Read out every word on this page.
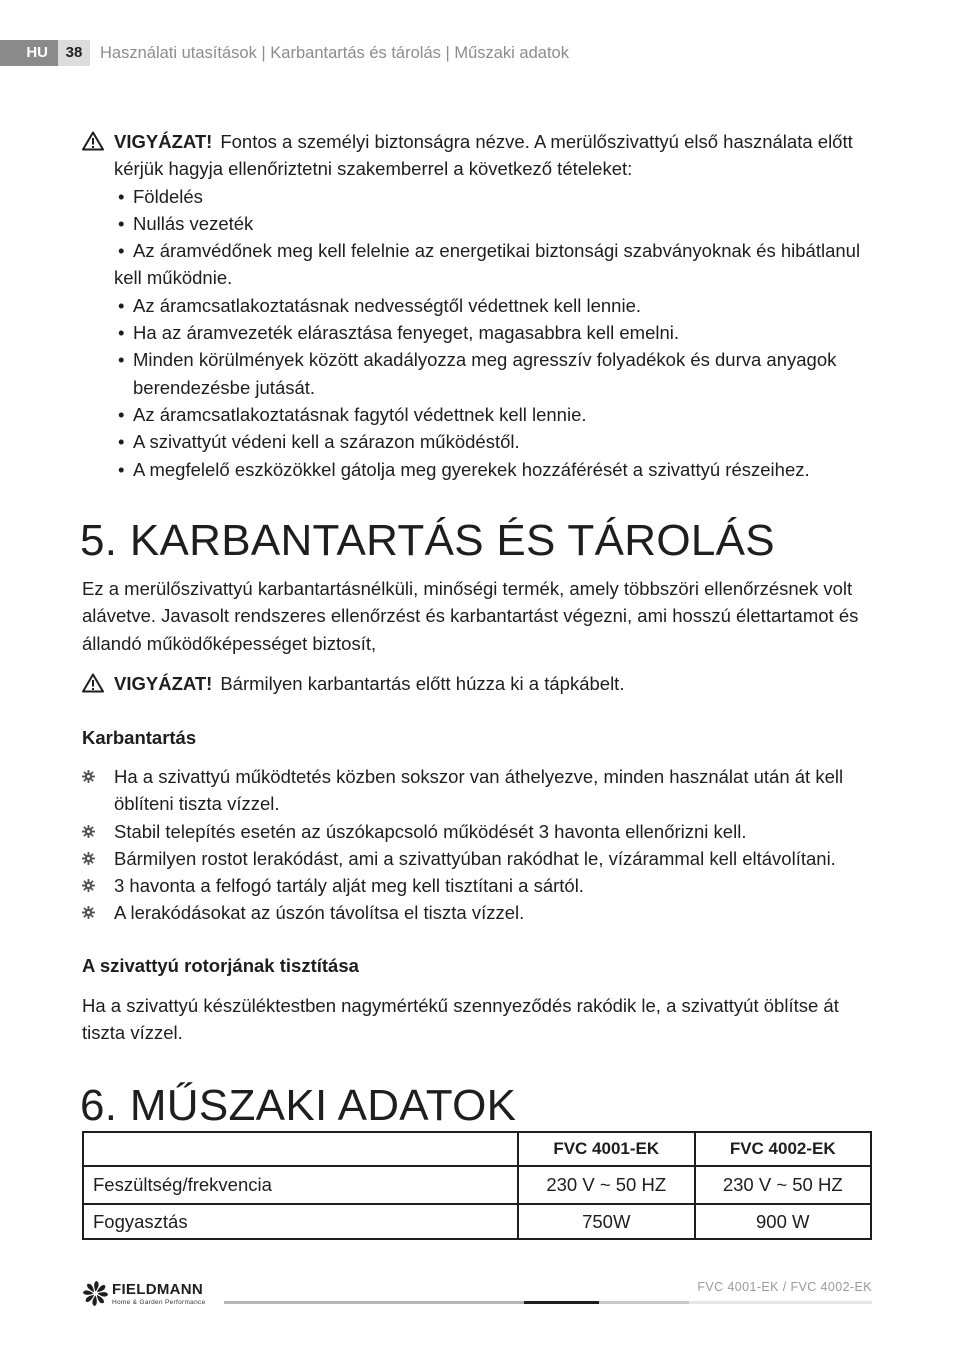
HU	38	Használati utasítások | Karbantartás és tárolás | Műszaki adatok
VIGYÁZAT! Fontos a személyi biztonságra nézve. A merülőszivattyú első használata előtt
kérjük hagyja ellenőriztetni szakemberrel a következő tételeket:
• Földelés
• Nullás vezeték
• Az áramvédőnek meg kell felelnie az energetikai biztonsági szabványoknak és hibátlanul kell működnie.
• Az áramcsatlakoztatásnak nedvességtől védettnek kell lennie.
• Ha az áramvezeték elárasztása fenyeget, magasabbra kell emelni.
• Minden körülmények között akadályozza meg agresszív folyadékok és durva anyagok berendezésbe jutását.
• Az áramcsatlakoztatásnak fagytól védettnek kell lennie.
• A szivattyút védeni kell a szárazon működéstől.
• A megfelelő eszközökkel gátolja meg gyerekek hozzáférését a szivattyú részeihez.
5. KARBANTARTÁS ÉS TÁROLÁS

Ez a merülőszivattyú karbantartásnélküli, minőségi termék, amely többszöri ellenőrzésnek volt alávetve. Javasolt rendszeres ellenőrzést és karbantartást végezni, ami hosszú élettartamot és állandó működőképességet biztosít,

VIGYÁZAT! Bármilyen karbantartás előtt húzza ki a tápkábelt.
Karbantartás
Ha a szivattyú működtetés közben sokszor van áthelyezve, minden használat után át kell öblíteni tiszta vízzel.
Stabil telepítés esetén az úszókapcsoló működését 3 havonta ellenőrizni kell.
Bármilyen rostot lerakódást, ami a szivattyúban rakódhat le, vízárammal kell eltávolítani.
3 havonta a felfogó tartály alját meg kell tisztítani a sártól.
A lerakódásokat az úszón távolítsa el tiszta vízzel.
A szivattyú rotorjának tisztítása

Ha a szivattyú készüléktestben nagymértékű szennyeződés rakódik le, a szivattyút öblítse át tiszta vízzel.

6. MŰSZAKI ADATOK
	FVC 4001-EK	FVC 4002-EK
Feszültség/frekvencia	230 V ~ 50 HZ	230 V ~ 50 HZ
Fogyasztás	750W	900 W
FIELDMANN
Home & Garden Performance
FVC 4001-EK / FVC 4002-EK
